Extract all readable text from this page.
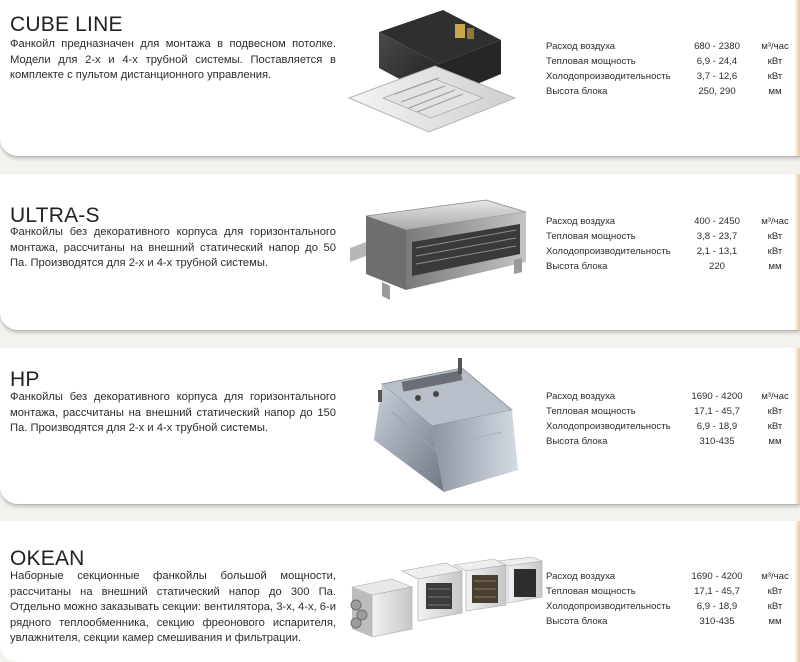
CUBE LINE
Фанкойл предназначен для монтажа в подвесном потолке. Модели для 2-х и 4-х трубной системы. Поставляется в комплекте с пультом дистанционного управления.
Расход воздуха	680 - 2380	м³/час
Тепловая мощность	6,9 - 24,4	кВт
Холодопроизводительность	3,7 - 12,6	кВт
Высота блока	250, 290	мм
ULTRA-S
Фанкойлы без декоративного корпуса для горизонтального монтажа, рассчитаны на внешний статический напор до 50 Па. Производятся для 2-х и 4-х трубной системы.
Расход воздуха	400 - 2450	м³/час
Тепловая мощность	3,8 - 23,7	кВт
Холодопроизводительность	2,1 - 13,1	кВт
Высота блока	220	мм
HP
Фанкойлы без декоративного корпуса для горизонтального монтажа, рассчитаны на внешний статический напор до 150 Па. Производятся для 2-х и 4-х трубной системы.
Расход воздуха	1690 - 4200	м³/час
Тепловая мощность	17,1 - 45,7	кВт
Холодопроизводительность	6,9 - 18,9	кВт
Высота блока	310-435	мм
OKEAN
Наборные секционные фанкойлы большой мощности, рассчитаны на внешний статический напор до 300 Па. Отдельно можно заказывать секции: вентилятора, 3-х, 4-х, 6-и рядного теплообменника, секцию фреонового испарителя, увлажнителя, секции камер смешивания и фильтрации.
Расход воздуха	1690 - 4200	м³/час
Тепловая мощность	17,1 - 45,7	кВт
Холодопроизводительность	6,9 - 18,9	кВт
Высота блока	310-435	мм
